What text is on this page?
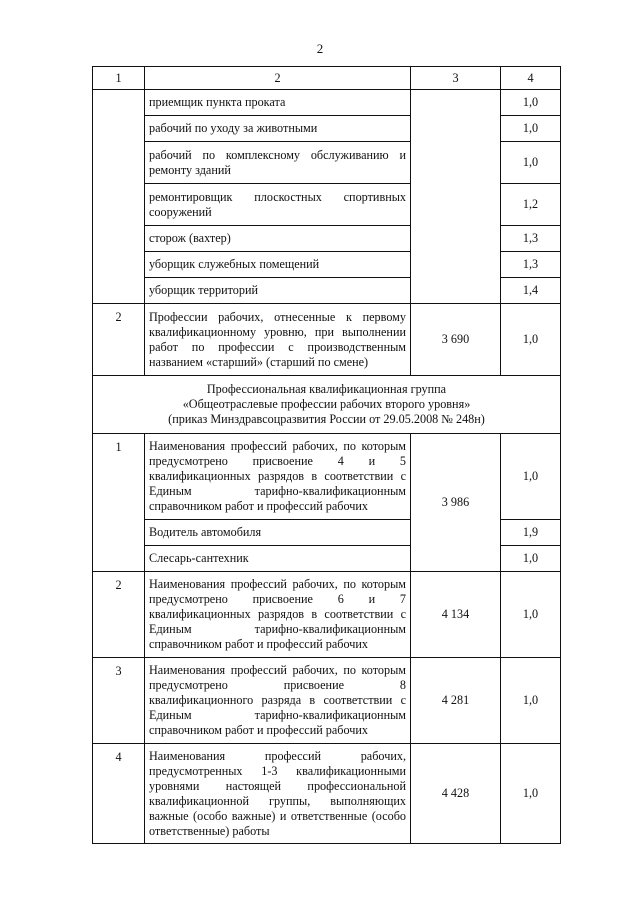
2
1	2	3	4
	приемщик пункта проката		1,0
	рабочий по уходу за животными		1,0
	рабочий по комплексному обслуживанию и ремонту зданий		1,0
	ремонтировщик плоскостных спортивных сооружений		1,2
	сторож (вахтер)		1,3
	уборщик служебных помещений		1,3
	уборщик территорий		1,4
2	Профессии рабочих, отнесенные к первому квалификационному уровню, при выполнении работ по профессии с производственным названием «старший» (старший по смене)	3 690	1,0

Профессиональная квалификационная группа
«Общеотраслевые профессии рабочих второго уровня»
(приказ Минздравсоцразвития России от 29.05.2008 № 248н)			

1	Наименования профессий рабочих, по которым предусмотрено присвоение 4 и 5 квалификационных разрядов в соответствии с Единым тарифно-квалификационным справочником работ и профессий рабочих	3 986	1,0
	Водитель автомобиля		1,9
	Слесарь-сантехник		1,0
2	Наименования профессий рабочих, по которым предусмотрено присвоение 6 и 7 квалификационных разрядов в соответствии с Единым тарифно-квалификационным справочником работ и профессий рабочих	4 134	1,0
3	Наименования профессий рабочих, по которым предусмотрено присвоение 8 квалификационного разряда в соответствии с Единым тарифно-квалификационным справочником работ и профессий рабочих	4 281	1,0
4	Наименования профессий рабочих, предусмотренных 1-3 квалификационными уровнями настоящей профессиональной квалификационной группы, выполняющих важные (особо важные) и ответственные (особо ответственные) работы	4 428	1,0
